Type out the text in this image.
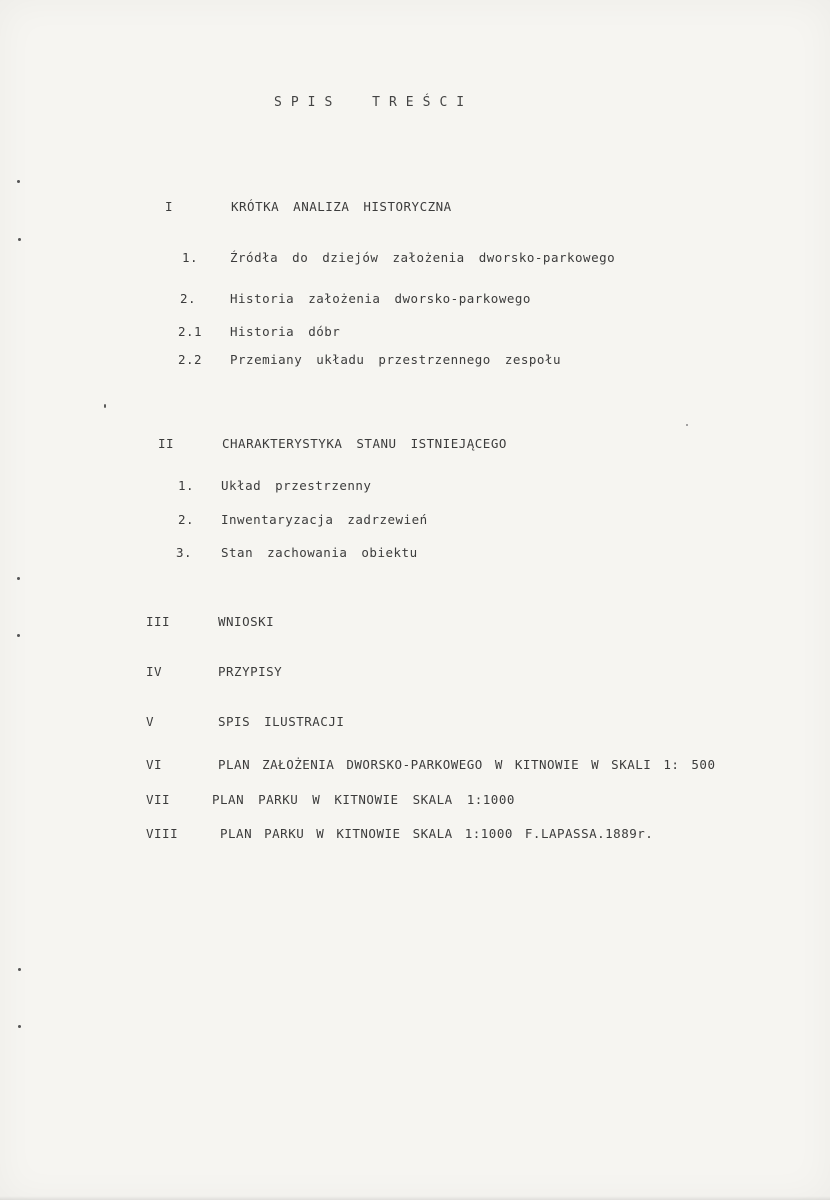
SPIS TREŚCI
I	KRÓTKA ANALIZA HISTORYCZNA
1.	Źródła do dziejów założenia dworsko-parkowego
2.	Historia założenia dworsko-parkowego
2.1 Historia dóbr
2.2 Przemiany układu przestrzennego zespołu
II	CHARAKTERYSTYKA STANU ISTNIEJĄCEGO
1. Układ przestrzenny
2. Inwentaryzacja zadrzewień
3. Stan zachowania obiektu
III	WNIOSKI
IV	PRZYPISY
V	SPIS ILUSTRACJI
VI	PLAN ZAŁOŻENIA DWORSKO-PARKOWEGO W KITNOWIE W SKALI 1: 500
VII	PLAN PARKU W KITNOWIE SKALA 1:1000
VIII	PLAN PARKU W KITNOWIE SKALA 1:1000 F.LAPASSA.1889r.
